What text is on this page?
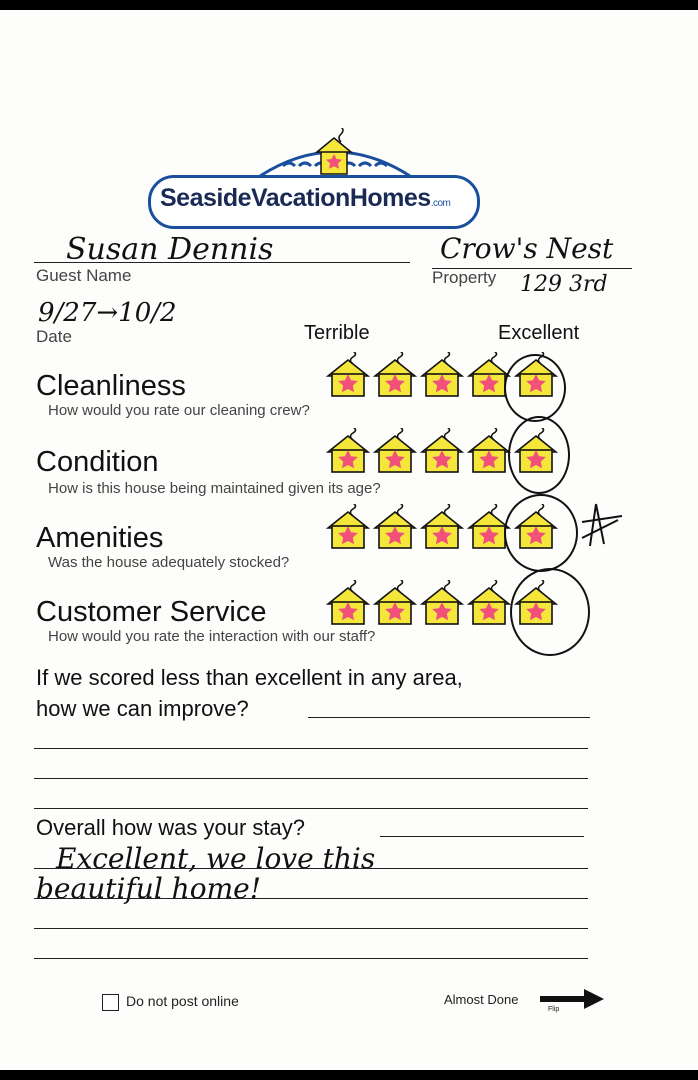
SeasideVacationHomes.com
Susan Dennis
Guest Name
Crow's Nest
Property 129 3rd
9/27→10/2
Date	Terrible	Excellent
Cleanliness
How would you rate our cleaning crew?
Condition
How is this house being maintained given its age?
Amenities
Was the house adequately stocked?
Customer Service
How would you rate the interaction with our staff?
If we scored less than excellent in any area,
how we can improve?
Overall how was your stay?
Excellent, we love this
beautiful home!
Do not post online	Almost Done
Flip
